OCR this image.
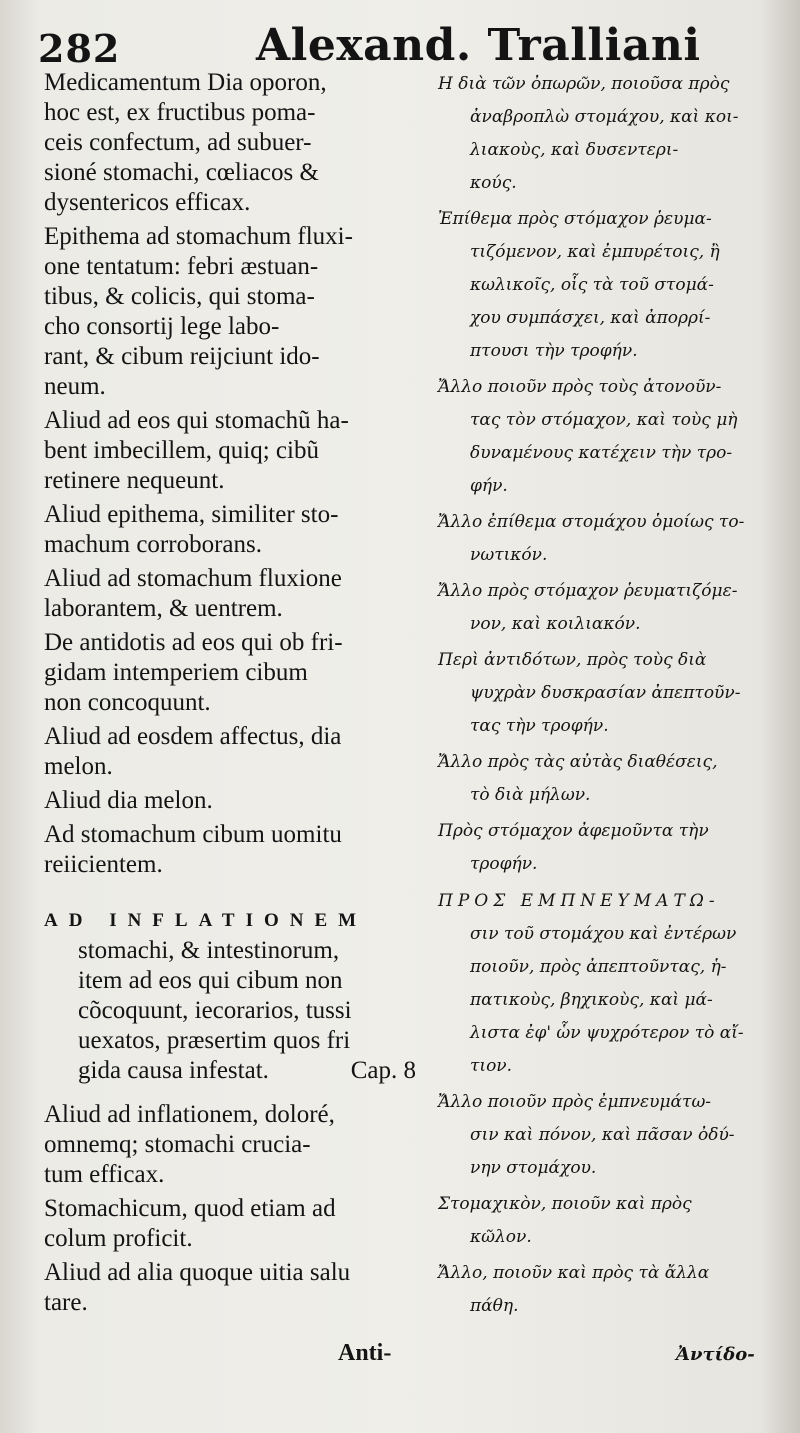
282	Alexand. Tralliani
Medicamentum Dia oporon,
hoc est, ex fructibus poma-
ceis confectum, ad subuer-
sioné stomachi, cœliacos &
dysentericos efficax.
Epithema ad stomachum fluxi-
one tentatum: febri æstuan-
tibus, & colicis, qui stoma-
cho consortij lege labo-
rant, & cibum reijciunt ido-
neum.
Aliud ad eos qui stomachũ ha-
bent imbecillem, quiq; cibũ
retinere nequeunt.
Aliud epithema, similiter sto-
machum corroborans.
Aliud ad stomachum fluxione
laborantem, & uentrem.
De antidotis ad eos qui ob fri-
gidam intemperiem cibum
non concoquunt.
Aliud ad eosdem affectus, dia
melon.
Aliud dia melon.
Ad stomachum cibum uomitu
reiicientem.
AD INFLATIONEM
stomachi, & intestinorum,
item ad eos qui cibum non
cõcoquunt, iecorarios, tussi
uexatos, præsertim quos fri
gida causa infestat.	Cap. 8
Aliud ad inflationem, doloré,
omnemq; stomachi crucia-
tum efficax.
Stomachicum, quod etiam ad
colum proficit.
Aliud ad alia quoque uitia salu
tare.
Η διὰ τῶν ὀπωρῶν, ποιοῦσα πρὸς
ἀναβροπλὼ στομάχου, καὶ κοι-
λιακοὺς, καὶ δυσεντερι-
κούς.
Ἐπίθεμα πρὸς στόμαχον ῥευμα-
τιζόμενον, καὶ ἐμπυρέτοις, ἢ
κωλικοῖς, οἷς τὰ τοῦ στομά-
χου συμπάσχει, καὶ ἀπορρί-
πτουσι τὴν τροφήν.
Ἄλλο ποιοῦν πρὸς τοὺς ἀτονοῦν-
τας τὸν στόμαχον, καὶ τοὺς μὴ
δυναμένους κατέχειν τὴν τρο-
φήν.
Ἄλλο ἐπίθεμα στομάχου ὁμοίως το-
νωτικόν.
Ἄλλο πρὸς στόμαχον ῥευματιζόμε-
νον, καὶ κοιλιακόν.
Περὶ ἀντιδότων, πρὸς τοὺς διὰ
ψυχρὰν δυσκρασίαν ἀπεπτοῦν-
τας τὴν τροφήν.
Ἄλλο πρὸς τὰς αὐτὰς διαθέσεις,
τὸ διὰ μήλων.
Πρὸς στόμαχον ἀφεμοῦντα τὴν
τροφήν.
ΠΡΟΣ ΕΜΠΝΕΥΜΑΤΩ-
σιν τοῦ στομάχου καὶ ἐντέρων
ποιοῦν, πρὸς ἀπεπτοῦντας, ἡ-
πατικοὺς, βηχικοὺς, καὶ μά-
λιστα ἐφ' ὧν ψυχρότερον τὸ αἴ-
τιον.
Ἄλλο ποιοῦν πρὸς ἐμπνευμάτω-
σιν καὶ πόνον, καὶ πᾶσαν ὀδύ-
νην στομάχου.
Στομαχικὸν, ποιοῦν καὶ πρὸς
κῶλον.
Ἄλλο, ποιοῦν καὶ πρὸς τὰ ἄλλα
πάθη.
Anti-	Ἀντίδο-
